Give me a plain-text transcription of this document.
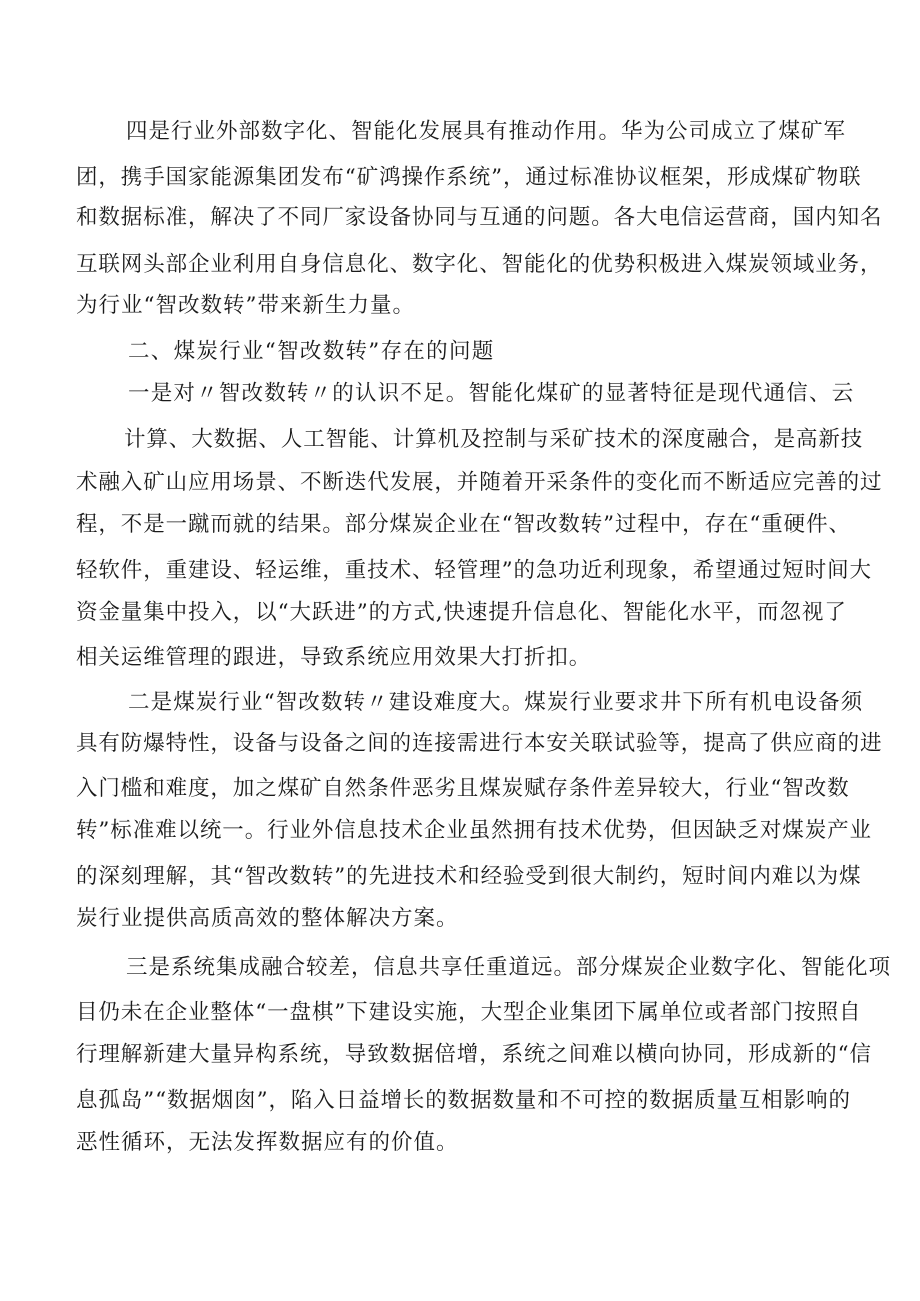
四是行业外部数字化、智能化发展具有推动作用。华为公司成立了煤矿军

团，携手国家能源集团发布“矿鸿操作系统”，通过标准协议框架，形成煤矿物联

和数据标准，解决了不同厂家设备协同与互通的问题。各大电信运营商，国内知名

互联网头部企业利用自身信息化、数字化、智能化的优势积极进入煤炭领域业务，

为行业“智改数转”带来新生力量。

二、煤炭行业“智改数转”存在的问题

一是对〃智改数转〃的认识不足。智能化煤矿的显著特征是现代通信、云

计算、大数据、人工智能、计算机及控制与采矿技术的深度融合，是高新技

术融入矿山应用场景、不断迭代发展，并随着开采条件的变化而不断适应完善的过

程，不是一蹴而就的结果。部分煤炭企业在“智改数转”过程中，存在“重硬件、

轻软件，重建设、轻运维，重技术、轻管理”的急功近利现象，希望通过短时间大

资金量集中投入，以“大跃进”的方式,快速提升信息化、智能化水平，而忽视了

相关运维管理的跟进，导致系统应用效果大打折扣。

二是煤炭行业“智改数转〃建设难度大。煤炭行业要求井下所有机电设备须

具有防爆特性，设备与设备之间的连接需进行本安关联试验等，提高了供应商的进

入门槛和难度，加之煤矿自然条件恶劣且煤炭赋存条件差异较大，行业“智改数

转”标准难以统一。行业外信息技术企业虽然拥有技术优势，但因缺乏对煤炭产业

的深刻理解，其“智改数转”的先进技术和经验受到很大制约，短时间内难以为煤

炭行业提供高质高效的整体解决方案。

三是系统集成融合较差，信息共享任重道远。部分煤炭企业数字化、智能化项

目仍未在企业整体“一盘棋”下建设实施，大型企业集团下属单位或者部门按照自

行理解新建大量异构系统，导致数据倍增，系统之间难以横向协同，形成新的“信

息孤岛”“数据烟囱”，陷入日益增长的数据数量和不可控的数据质量互相影响的

恶性循环，无法发挥数据应有的价值。
